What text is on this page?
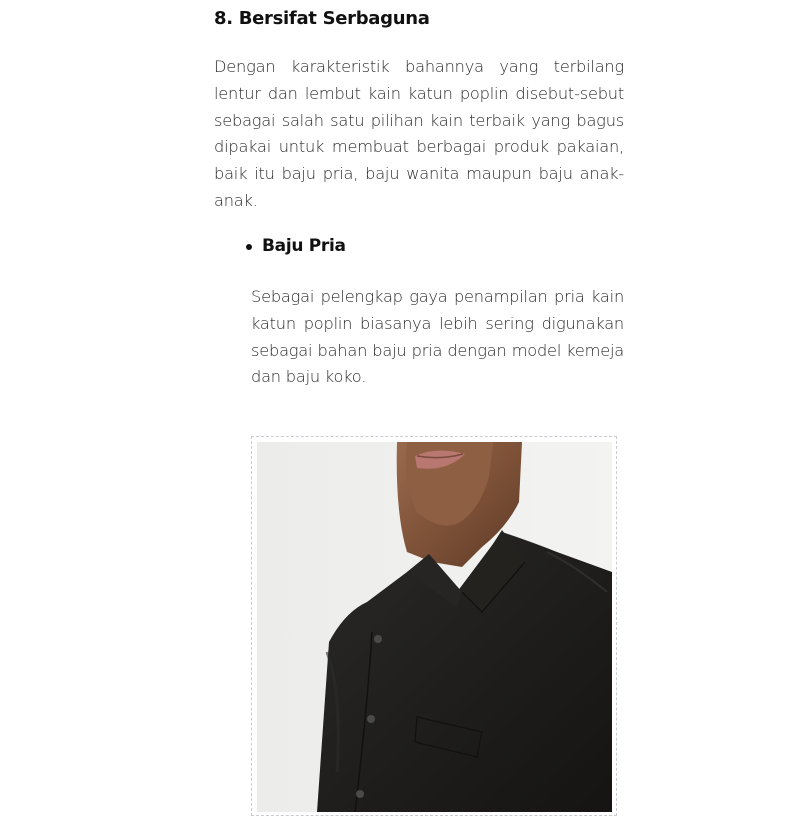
8. Bersifat Serbaguna

Dengan karakteristik bahannya yang terbilang lentur dan lembut kain katun poplin disebut-sebut sebagai salah satu pilihan kain terbaik yang bagus dipakai untuk membuat berbagai produk pakaian, baik itu baju pria, baju wanita maupun baju anak-anak.

Baju Pria

Sebagai pelengkap gaya penampilan pria kain katun poplin biasanya lebih sering digunakan sebagai bahan baju pria dengan model kemeja dan baju koko.
